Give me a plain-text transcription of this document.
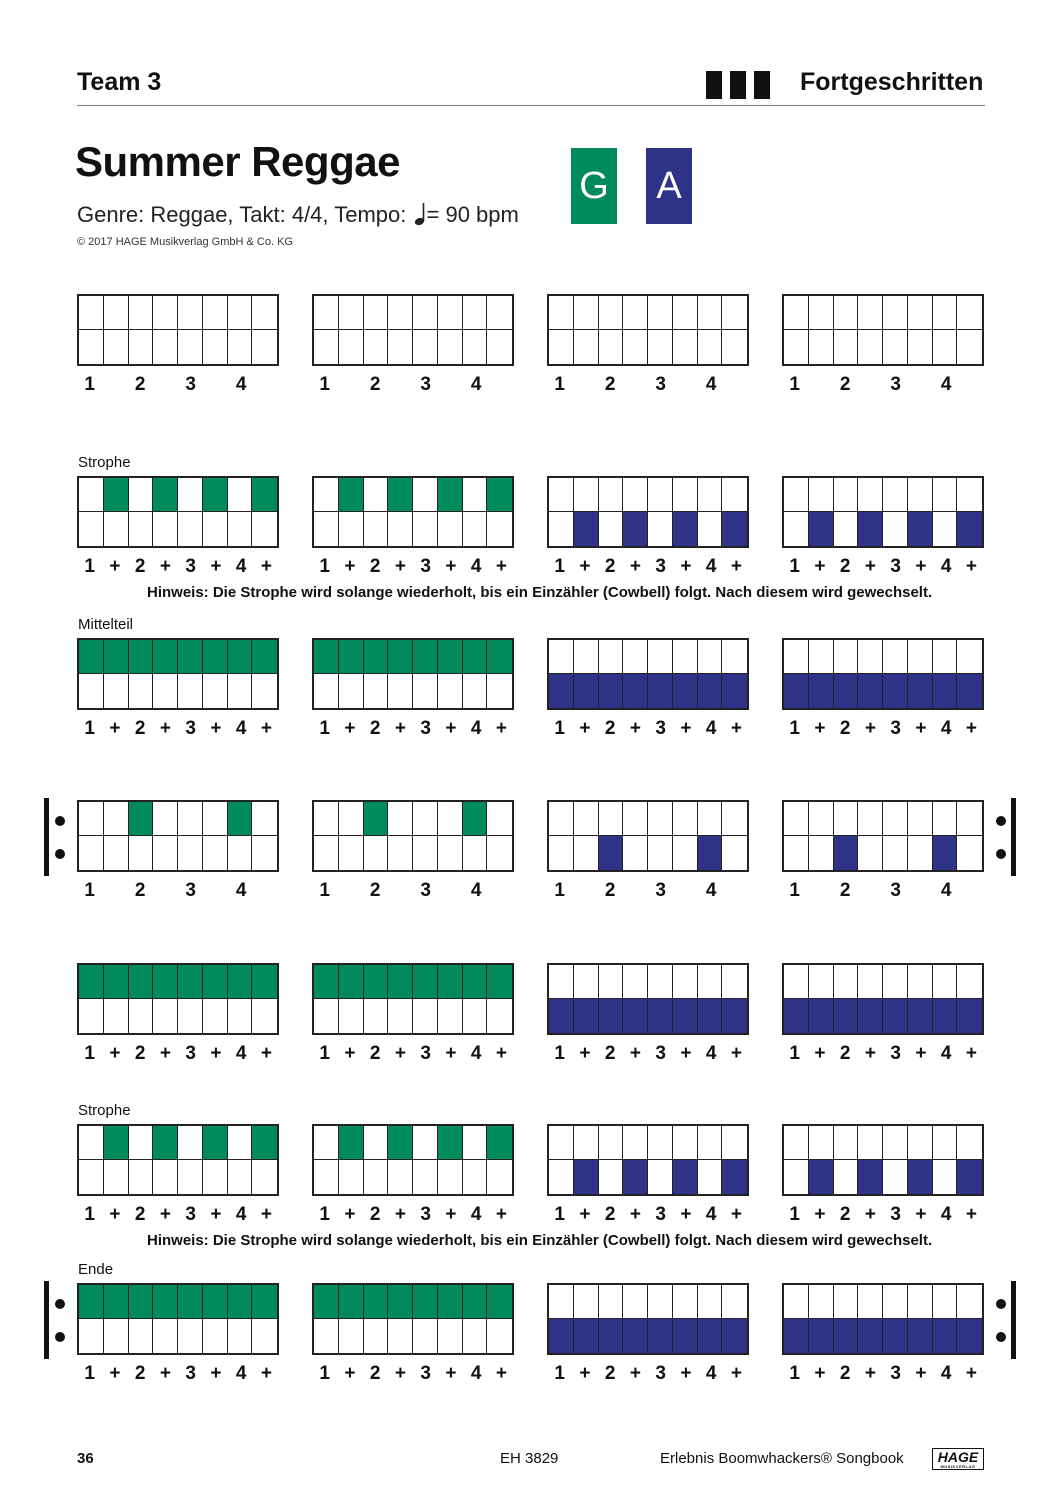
Team 3	Fortgeschritten
Summer Reggae
Genre: Reggae, Takt: 4/4, Tempo: = 90 bpm
© 2017 HAGE Musikverlag GmbH & Co. KG
G A
1 2 3 4	1 2 3 4	1 2 3 4	1 2 3 4
Strophe
1 + 2 + 3 + 4 + 1 + 2 + 3 + 4 + 1 + 2 + 3 + 4 + 1 + 2 + 3 + 4 +
Hinweis: Die Strophe wird solange wiederholt, bis ein Einzähler (Cowbell) folgt. Nach diesem wird gewechselt.
Mittelteil
1 + 2 + 3 + 4 + 1 + 2 + 3 + 4 + 1 + 2 + 3 + 4 + 1 + 2 + 3 + 4 +
1 2 3 4	1 2 3 4	1 2 3 4	1 2 3 4
1 + 2 + 3 + 4 + 1 + 2 + 3 + 4 + 1 + 2 + 3 + 4 + 1 + 2 + 3 + 4 +
Strophe
1 + 2 + 3 + 4 + 1 + 2 + 3 + 4 + 1 + 2 + 3 + 4 + 1 + 2 + 3 + 4 +
Hinweis: Die Strophe wird solange wiederholt, bis ein Einzähler (Cowbell) folgt. Nach diesem wird gewechselt.
Ende
1 + 2 + 3 + 4 + 1 + 2 + 3 + 4 + 1 + 2 + 3 + 4 + 1 + 2 + 3 + 4 +
36	EH 3829	Erlebnis Boomwhackers® Songbook	HAGE
MUSIKVERLAG
